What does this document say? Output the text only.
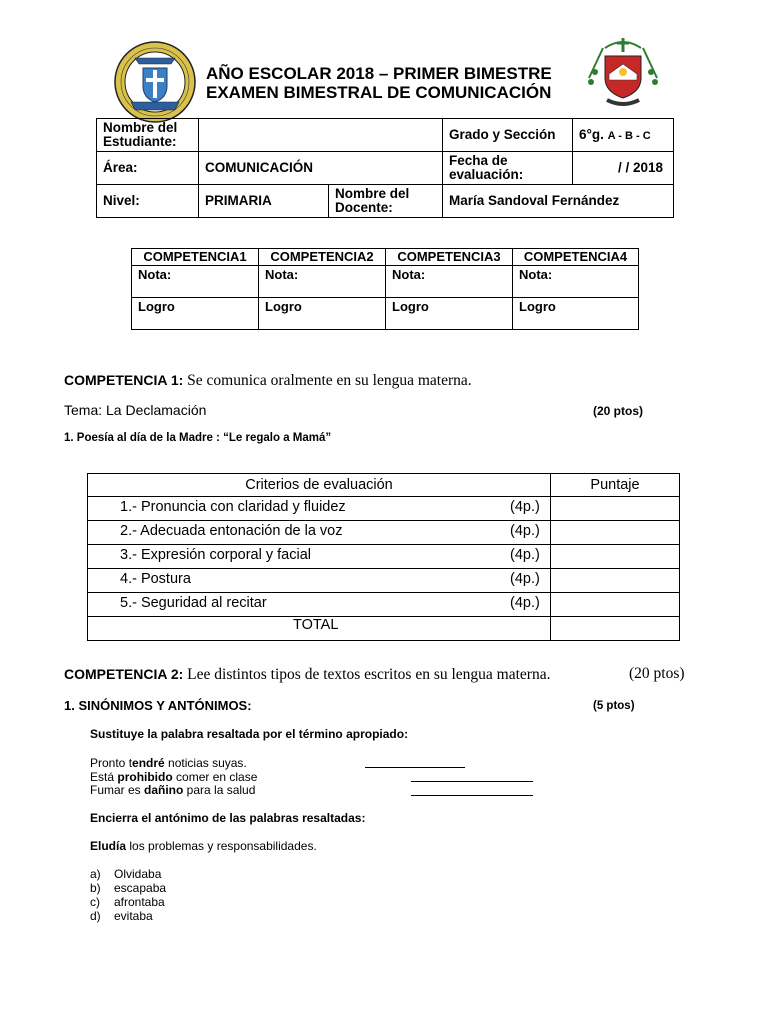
AÑO ESCOLAR 2018 – PRIMER BIMESTRE
EXAMEN BIMESTRAL DE COMUNICACIÓN
Nombre del Estudiante:			Grado y Sección	6°g. A - B - C
Área:	COMUNICACIÓN		Fecha de evaluación:	/ / 2018
Nivel:	PRIMARIA	Nombre del Docente:	María Sandoval Fernández	
COMPETENCIA1	COMPETENCIA2	COMPETENCIA3	COMPETENCIA4
Nota:	Nota:	Nota:	Nota:
Logro	Logro	Logro	Logro
COMPETENCIA 1: Se comunica oralmente en su lengua materna.
Tema: La Declamación	(20 ptos)
1. Poesía al día de la Madre : “Le regalo a Mamá”
Criterios de evaluación	Puntaje

1.- Pronuncia con claridad y fluidez (4p.)	

2.- Adecuada entonación de la voz (4p.)	

3.- Expresión corporal y facial (4p.)	

4.- Postura (4p.)	

5.- Seguridad al recitar (4p.)	

TOTAL	

COMPETENCIA 2: Lee distintos tipos de textos escritos en su lengua materna.	(20 ptos)
1. SINÓNIMOS Y ANTÓNIMOS:	(5 ptos)
Sustituye la palabra resaltada por el término apropiado:
Pronto tendré noticias suyas.
Está prohibido comer en clase
Fumar es dañino para la salud
Encierra el antónimo de las palabras resaltadas:
Eludía los problemas y responsabilidades.
a) Olvidaba
b) escapaba
c) afrontaba
d) evitaba
